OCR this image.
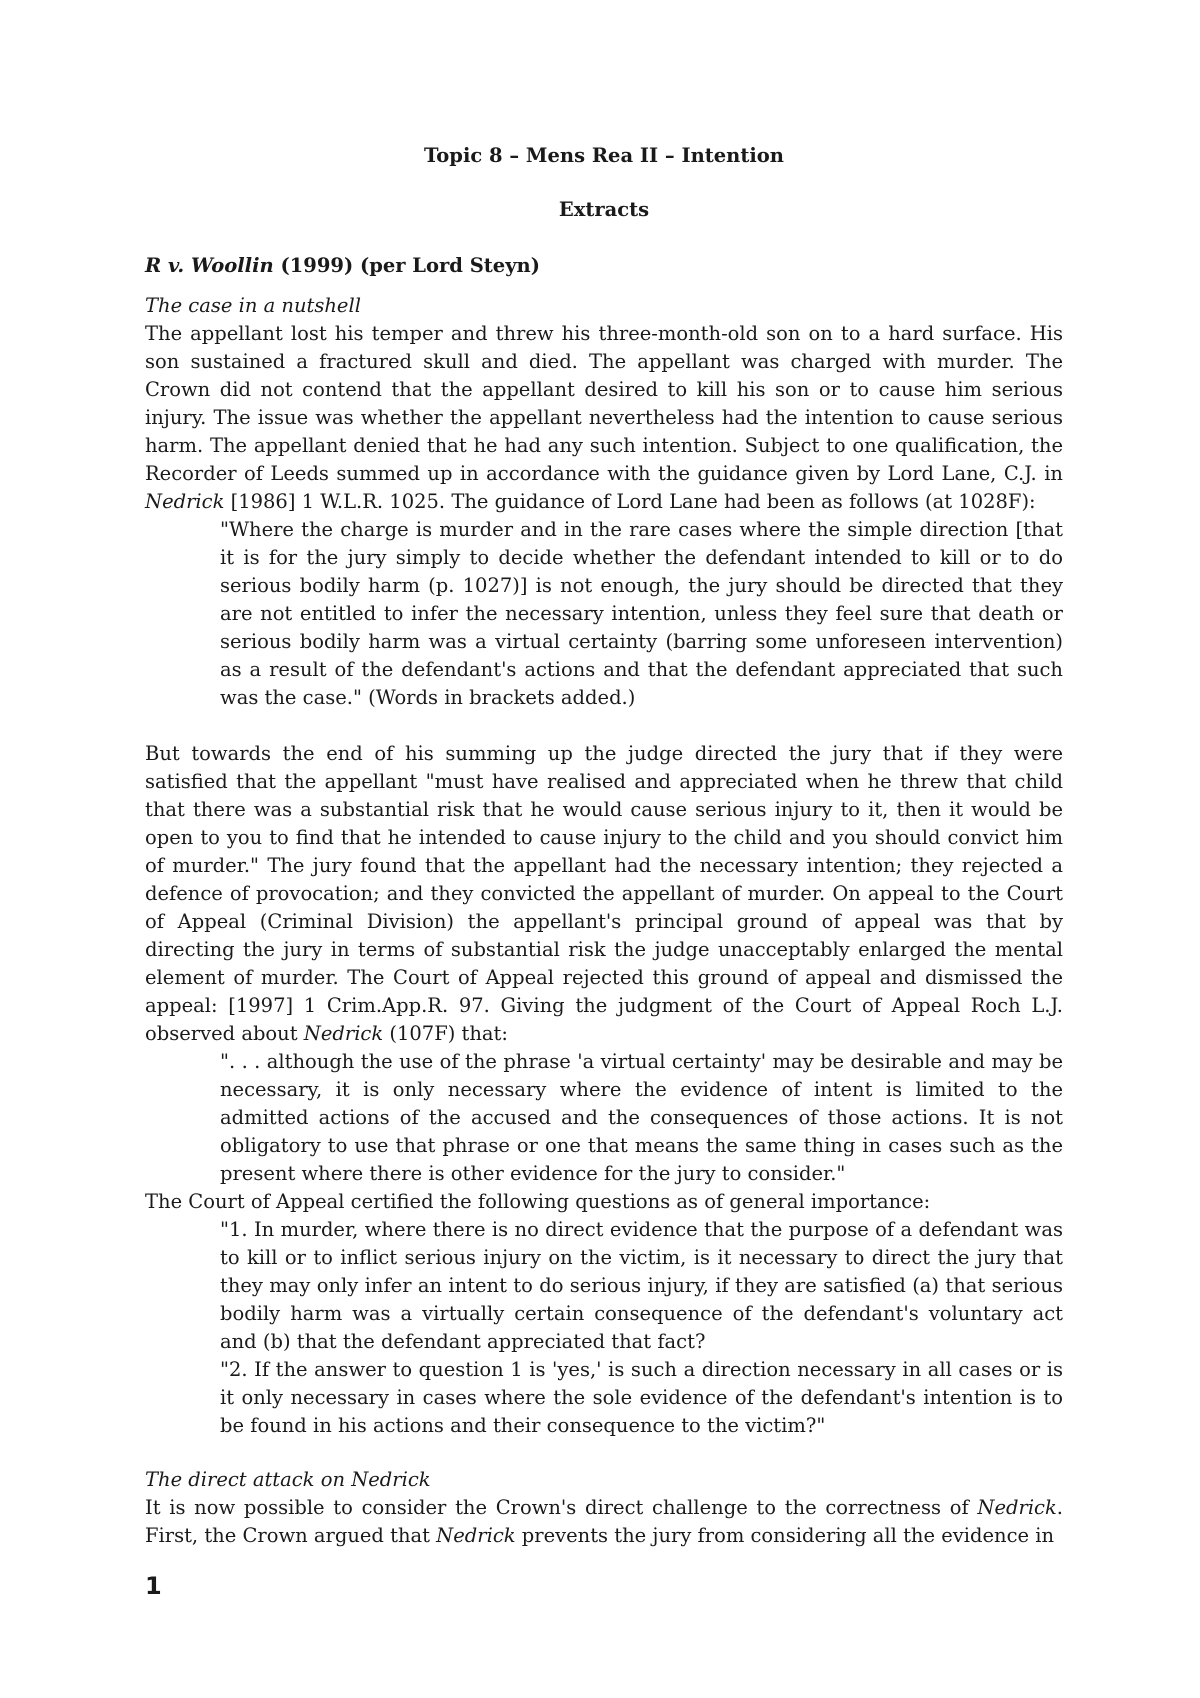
Topic 8 – Mens Rea II – Intention

Extracts

R v. Woollin (1999) (per Lord Steyn)

The case in a nutshell

The appellant lost his temper and threw his three-month-old son on to a hard surface. His son sustained a fractured skull and died. The appellant was charged with murder. The Crown did not contend that the appellant desired to kill his son or to cause him serious injury. The issue was whether the appellant nevertheless had the intention to cause serious harm. The appellant denied that he had any such intention. Subject to one qualification, the Recorder of Leeds summed up in accordance with the guidance given by Lord Lane, C.J. in Nedrick [1986] 1 W.L.R. 1025. The guidance of Lord Lane had been as follows (at 1028F):

"Where the charge is murder and in the rare cases where the simple direction [that it is for the jury simply to decide whether the defendant intended to kill or to do serious bodily harm (p. 1027)] is not enough, the jury should be directed that they are not entitled to infer the necessary intention, unless they feel sure that death or serious bodily harm was a virtual certainty (barring some unforeseen intervention) as a result of the defendant's actions and that the defendant appreciated that such was the case." (Words in brackets added.)

But towards the end of his summing up the judge directed the jury that if they were satisfied that the appellant "must have realised and appreciated when he threw that child that there was a substantial risk that he would cause serious injury to it, then it would be open to you to find that he intended to cause injury to the child and you should convict him of murder." The jury found that the appellant had the necessary intention; they rejected a defence of provocation; and they convicted the appellant of murder. On appeal to the Court of Appeal (Criminal Division) the appellant's principal ground of appeal was that by directing the jury in terms of substantial risk the judge unacceptably enlarged the mental element of murder. The Court of Appeal rejected this ground of appeal and dismissed the appeal: [1997] 1 Crim.App.R. 97. Giving the judgment of the Court of Appeal Roch L.J. observed about Nedrick (107F) that:

". . . although the use of the phrase 'a virtual certainty' may be desirable and may be necessary, it is only necessary where the evidence of intent is limited to the admitted actions of the accused and the consequences of those actions. It is not obligatory to use that phrase or one that means the same thing in cases such as the present where there is other evidence for the jury to consider."

The Court of Appeal certified the following questions as of general importance:

"1. In murder, where there is no direct evidence that the purpose of a defendant was to kill or to inflict serious injury on the victim, is it necessary to direct the jury that they may only infer an intent to do serious injury, if they are satisfied (a) that serious bodily harm was a virtually certain consequence of the defendant's voluntary act and (b) that the defendant appreciated that fact?

"2. If the answer to question 1 is 'yes,' is such a direction necessary in all cases or is it only necessary in cases where the sole evidence of the defendant's intention is to be found in his actions and their consequence to the victim?"

The direct attack on Nedrick

It is now possible to consider the Crown's direct challenge to the correctness of Nedrick. First, the Crown argued that Nedrick prevents the jury from considering all the evidence in

1
